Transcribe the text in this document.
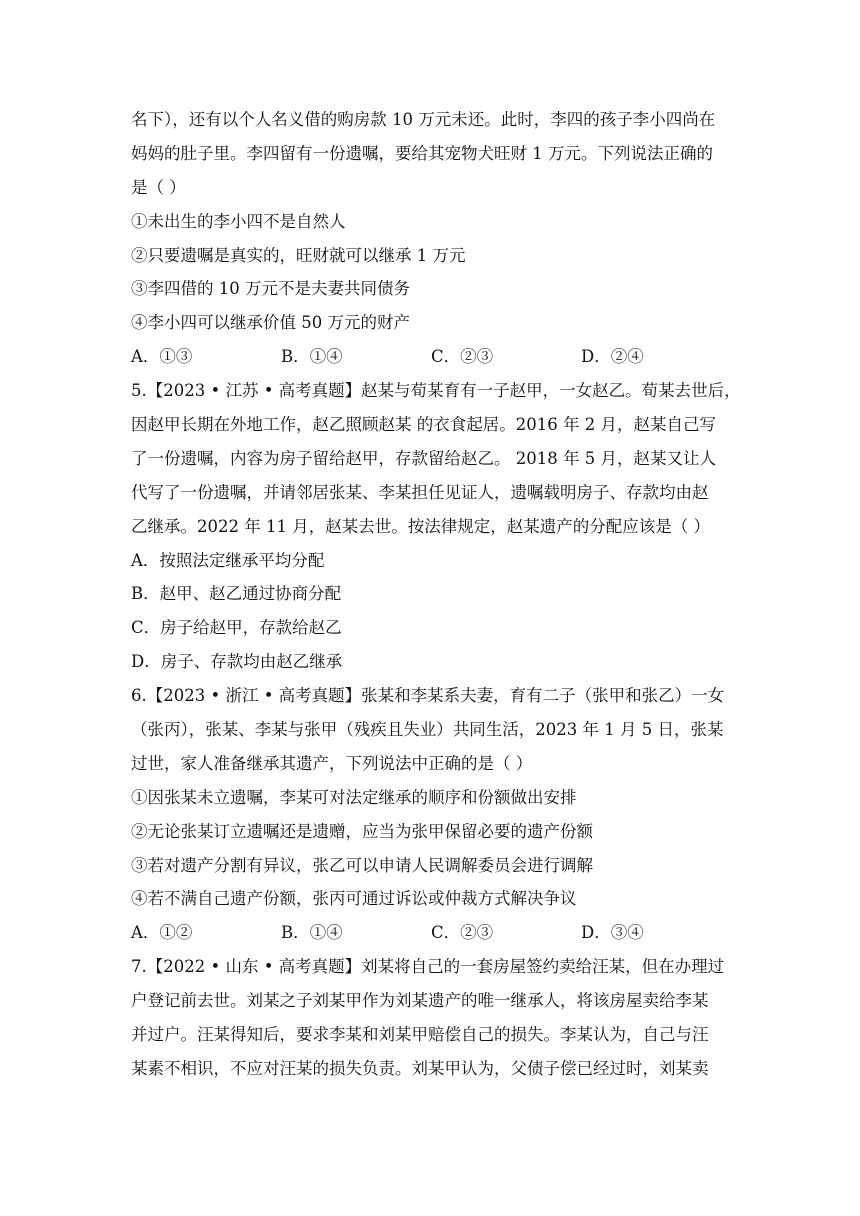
名下），还有以个人名义借的购房款 10 万元未还。此时，李四的孩子李小四尚在
妈妈的肚子里。李四留有一份遗嘱，要给其宠物犬旺财 1 万元。下列说法正确的
是（ ）
①未出生的李小四不是自然人
②只要遗嘱是真实的，旺财就可以继承 1 万元
③李四借的 10 万元不是夫妻共同债务
④李小四可以继承价值 50 万元的财产
A．①③	B．①④	C．②③	D．②④
5.【2023 • 江苏 • 高考真题】赵某与荀某育有一子赵甲，一女赵乙。荀某去世后，
因赵甲长期在外地工作，赵乙照顾赵某 的衣食起居。2016 年 2 月，赵某自己写
了一份遗嘱，内容为房子留给赵甲，存款留给赵乙。 2018 年 5 月，赵某又让人
代写了一份遗嘱，并请邻居张某、李某担任见证人，遗嘱载明房子、存款均由赵
乙继承。2022 年 11 月，赵某去世。按法律规定，赵某遗产的分配应该是（ ）
A．按照法定继承平均分配
B．赵甲、赵乙通过协商分配
C．房子给赵甲，存款给赵乙
D．房子、存款均由赵乙继承
6.【2023 • 浙江 • 高考真题】张某和李某系夫妻，育有二子（张甲和张乙）一女
（张丙），张某、李某与张甲（残疾且失业）共同生活，2023 年 1 月 5 日，张某
过世，家人准备继承其遗产，下列说法中正确的是（ ）
①因张某未立遗嘱，李某可对法定继承的顺序和份额做出安排
②无论张某订立遗嘱还是遗赠，应当为张甲保留必要的遗产份额
③若对遗产分割有异议，张乙可以申请人民调解委员会进行调解
④若不满自己遗产份额，张丙可通过诉讼或仲裁方式解决争议
A．①②	B．①④	C．②③	D．③④
7.【2022 • 山东 • 高考真题】刘某将自己的一套房屋签约卖给汪某，但在办理过
户登记前去世。刘某之子刘某甲作为刘某遗产的唯一继承人，将该房屋卖给李某
并过户。汪某得知后，要求李某和刘某甲赔偿自己的损失。李某认为，自己与汪
某素不相识，不应对汪某的损失负责。刘某甲认为，父债子偿已经过时，刘某卖
